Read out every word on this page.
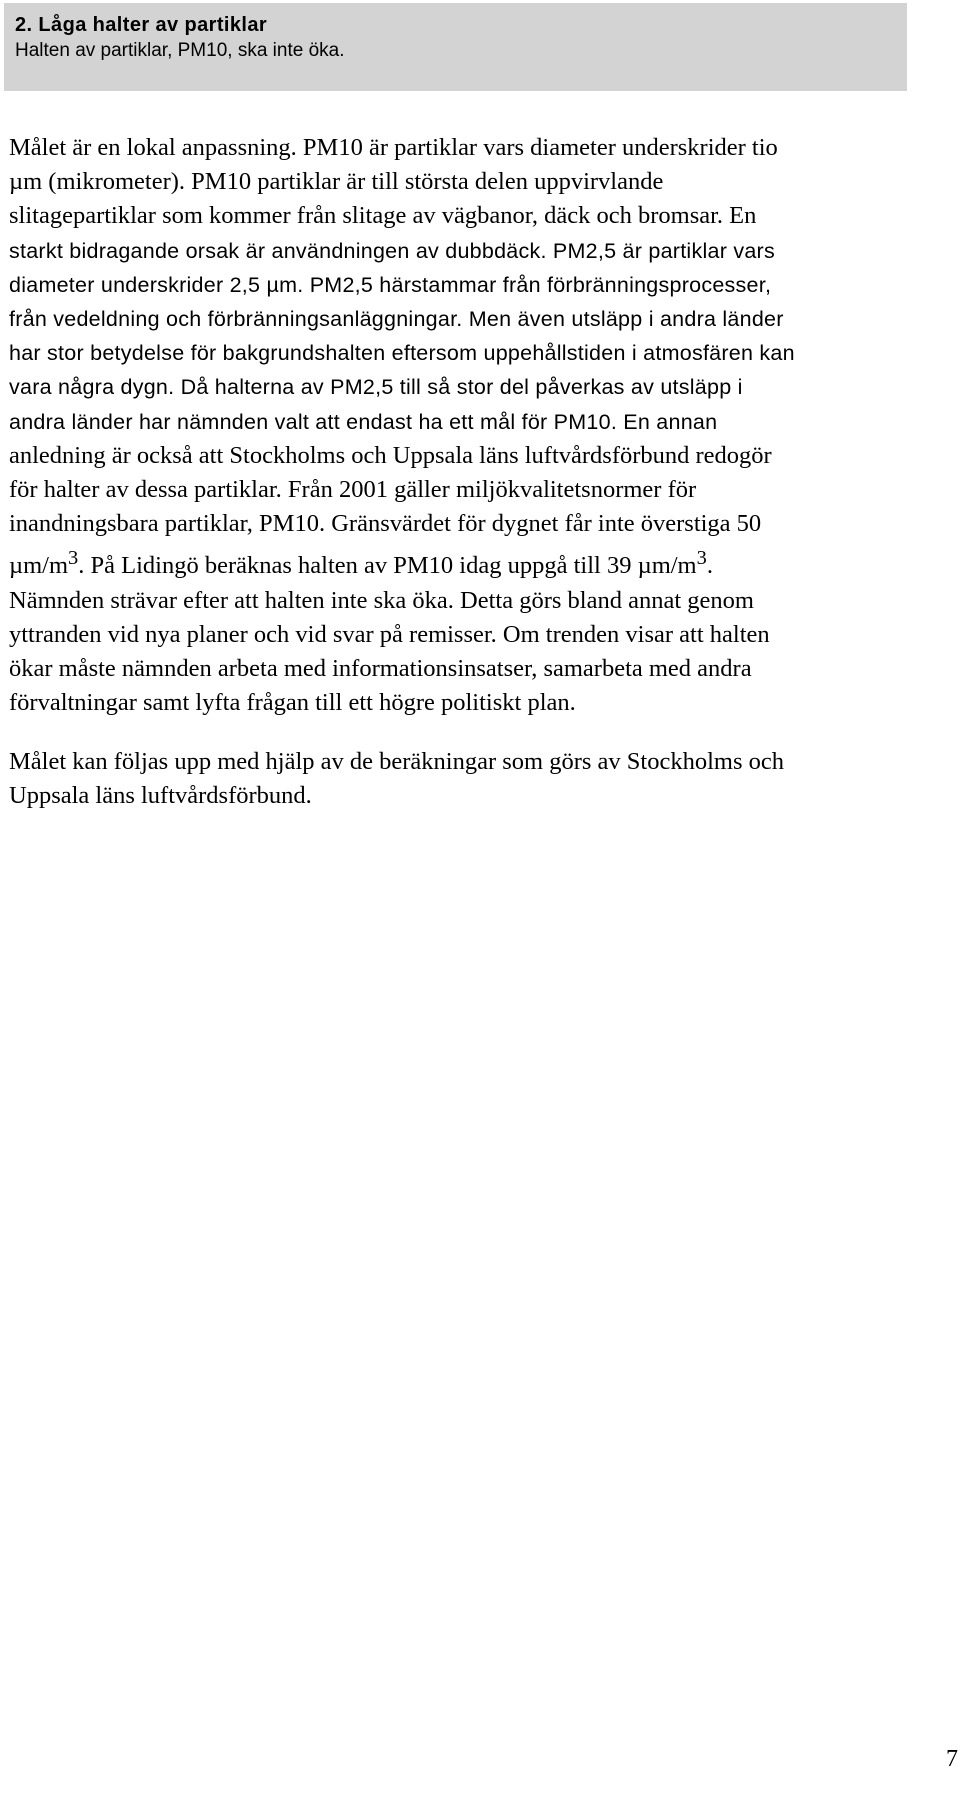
2. Låga halter av partiklar

Halten av partiklar, PM10, ska inte öka.

Målet är en lokal anpassning. PM10 är partiklar vars diameter underskrider tio
µm (mikrometer). PM10 partiklar är till största delen uppvirvlande
slitagepartiklar som kommer från slitage av vägbanor, däck och bromsar. En
starkt bidragande orsak är användningen av dubbdäck. PM2,5 är partiklar vars
diameter underskrider 2,5 µm. PM2,5 härstammar från förbränningsprocesser,
från vedeldning och förbränningsanläggningar. Men även utsläpp i andra länder
har stor betydelse för bakgrundshalten eftersom uppehållstiden i atmosfären kan
vara några dygn. Då halterna av PM2,5 till så stor del påverkas av utsläpp i
andra länder har nämnden valt att endast ha ett mål för PM10. En annan
anledning är också att Stockholms och Uppsala läns luftvårdsförbund redogör
för halter av dessa partiklar. Från 2001 gäller miljökvalitetsnormer för
inandningsbara partiklar, PM10. Gränsvärdet för dygnet får inte överstiga 50
$\mu m/m^3$. På Lidingö beräknas halten av PM10 idag uppgå till 39 $\mu m/m^3$.
Nämnden strävar efter att halten inte ska öka. Detta görs bland annat genom
yttranden vid nya planer och vid svar på remisser. Om trenden visar att halten
ökar måste nämnden arbeta med informationsinsatser, samarbeta med andra
förvaltningar samt lyfta frågan till ett högre politiskt plan.

Målet kan följas upp med hjälp av de beräkningar som görs av Stockholms och
Uppsala läns luftvårdsförbund.

7
